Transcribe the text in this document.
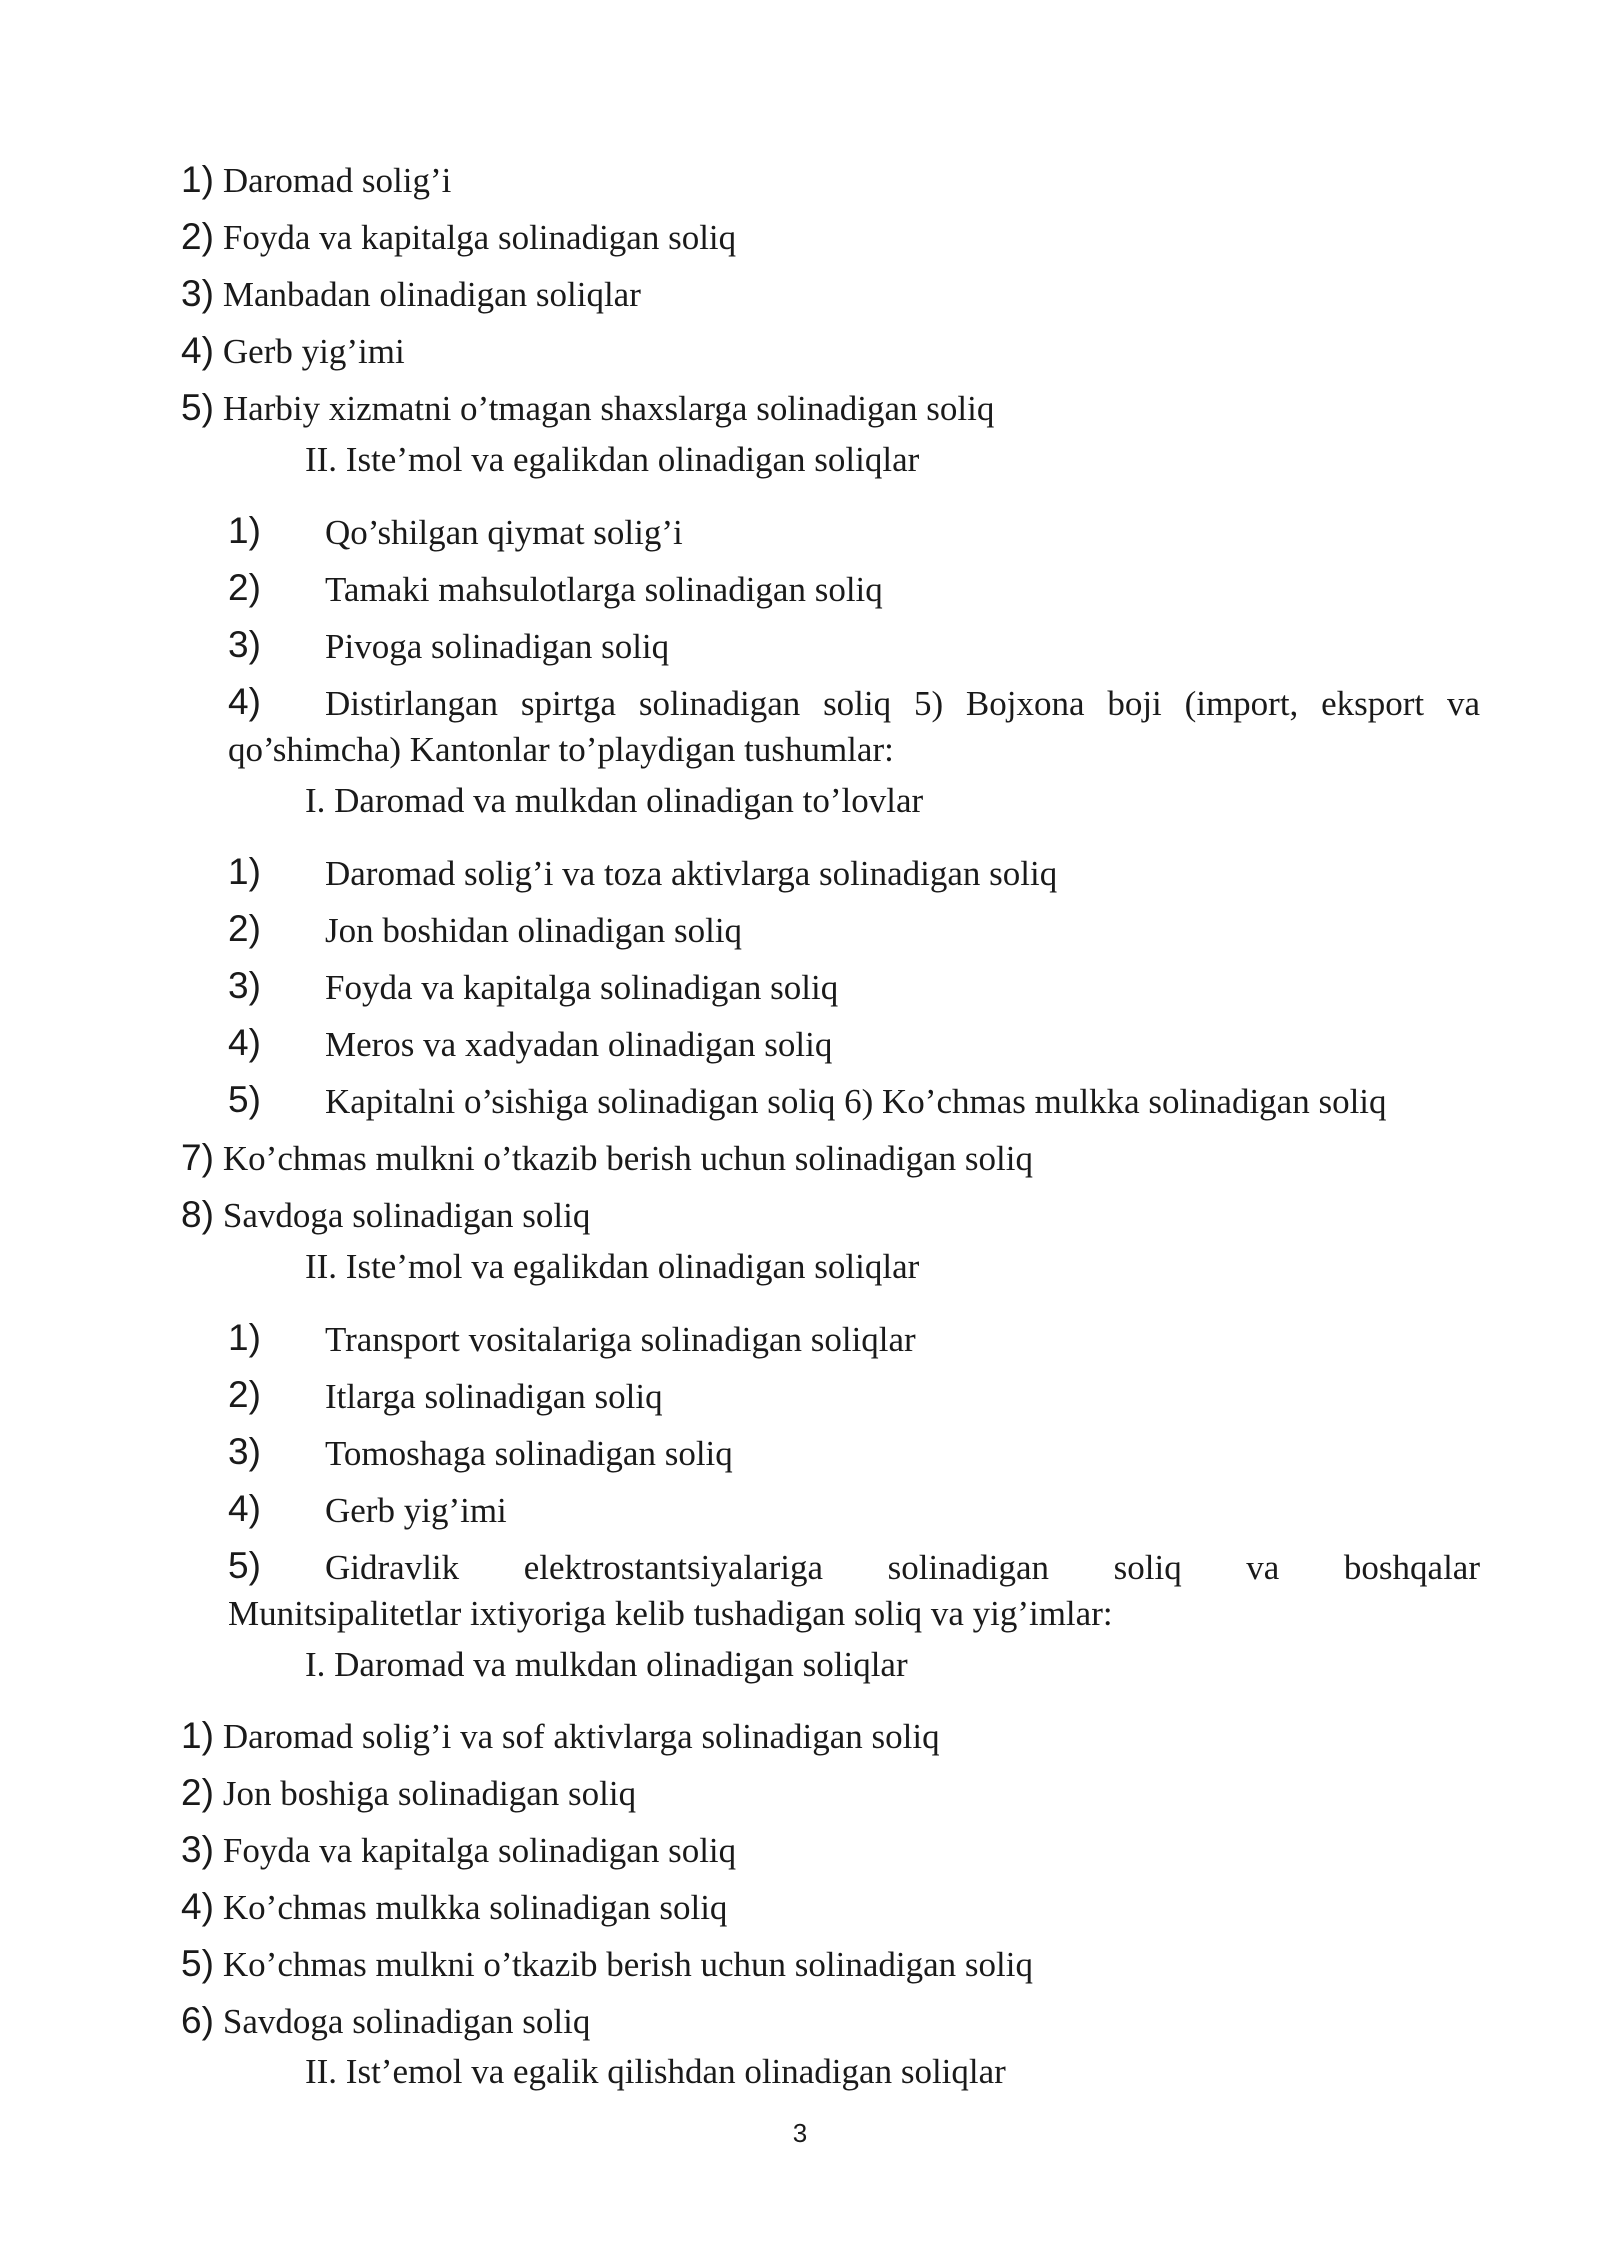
1) Daromad solig’i
2) Foyda va kapitalga solinadigan soliq
3) Manbadan olinadigan soliqlar
4) Gerb yig’imi
5) Harbiy xizmatni o’tmagan shaxslarga solinadigan soliq
II. Iste’mol va egalikdan olinadigan soliqlar
1) Qo’shilgan qiymat solig’i
2) Tamaki mahsulotlarga solinadigan soliq
3) Pivoga solinadigan soliq
4) Distirlangan spirtga solinadigan soliq 5) Bojxona boji (import, eksport va
qo’shimcha) Kantonlar to’playdigan tushumlar:
I. Daromad va mulkdan olinadigan to’lovlar
1) Daromad solig’i va toza aktivlarga solinadigan soliq
2) Jon boshidan olinadigan soliq
3) Foyda va kapitalga solinadigan soliq
4) Meros va xadyadan olinadigan soliq
5) Kapitalni o’sishiga solinadigan soliq 6) Ko’chmas mulkka solinadigan soliq
7) Ko’chmas mulkni o’tkazib berish uchun solinadigan soliq
8) Savdoga solinadigan soliq
II. Iste’mol va egalikdan olinadigan soliqlar
1) Transport vositalariga solinadigan soliqlar
2) Itlarga solinadigan soliq
3) Tomoshaga solinadigan soliq
4) Gerb yig’imi
5) Gidravlik elektrostantsiyalariga solinadigan soliq va boshqalar
Munitsipalitetlar ixtiyoriga kelib tushadigan soliq va yig’imlar:
I. Daromad va mulkdan olinadigan soliqlar
1) Daromad solig’i va sof aktivlarga solinadigan soliq
2) Jon boshiga solinadigan soliq
3) Foyda va kapitalga solinadigan soliq
4) Ko’chmas mulkka solinadigan soliq
5) Ko’chmas mulkni o’tkazib berish uchun solinadigan soliq
6) Savdoga solinadigan soliq
II. Ist’emol va egalik qilishdan olinadigan soliqlar
3
